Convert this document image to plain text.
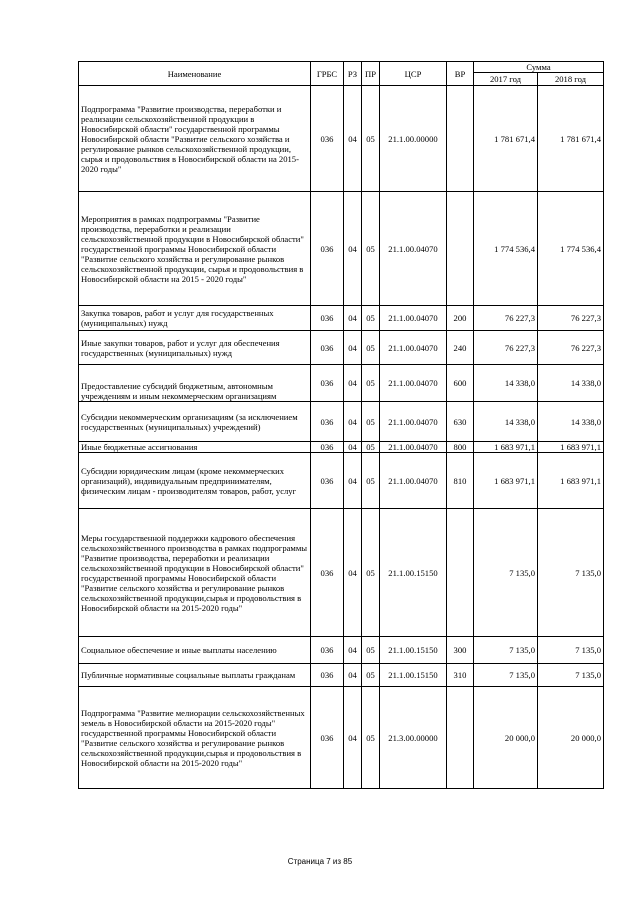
Наименование	ГРБС	РЗ	ПР	ЦСР	ВР	Сумма	
						2017 год	2018 год
Подпрограмма "Развитие производства, переработки и реализации сельскохозяйственной продукции в Новосибирской области" государственной программы Новосибирской области "Развитие сельского хозяйства и регулирование рынков сельскохозяйственной продукции, сырья и продовольствия в Новосибирской области на 2015-2020 годы"	036	04	05	21.1.00.00000		1 781 671,4	1 781 671,4
Мероприятия в рамках подпрограммы "Развитие производства, переработки и реализации сельскохозяйственной продукции в Новосибирской области" государственной программы Новосибирской области "Развитие сельского хозяйства и регулирование рынков сельскохозяйственной продукции, сырья и продовольствия в Новосибирской области на 2015 - 2020 годы"	036	04	05	21.1.00.04070		1 774 536,4	1 774 536,4
Закупка товаров, работ и услуг для государственных (муниципальных) нужд	036	04	05	21.1.00.04070	200	76 227,3	76 227,3
Иные закупки товаров, работ и услуг для обеспечения государственных (муниципальных) нужд	036	04	05	21.1.00.04070	240	76 227,3	76 227,3
Предоставление субсидий бюджетным, автономным учреждениям и иным некоммерческим организациям	036	04	05	21.1.00.04070	600	14 338,0	14 338,0
Субсидии некоммерческим организациям (за исключением государственных (муниципальных) учреждений)	036	04	05	21.1.00.04070	630	14 338,0	14 338,0
Иные бюджетные ассигнования	036	04	05	21.1.00.04070	800	1 683 971,1	1 683 971,1
Субсидии юридическим лицам (кроме некоммерческих организаций), индивидуальным предпринимателям, физическим лицам - производителям товаров, работ, услуг	036	04	05	21.1.00.04070	810	1 683 971,1	1 683 971,1
Меры государственной поддержки кадрового обеспечения сельскохозяйственного производства в рамках подпрограммы "Развитие производства, переработки и реализации сельскохозяйственной продукции в Новосибирской области" государственной программы Новосибирской области "Развитие сельского хозяйства и регулирование рынков сельскохозяйственной продукции,сырья и продовольствия в Новосибирской области на 2015-2020 годы"	036	04	05	21.1.00.15150		7 135,0	7 135,0
Социальное обеспечение и иные выплаты населению	036	04	05	21.1.00.15150	300	7 135,0	7 135,0
Публичные нормативные социальные выплаты гражданам	036	04	05	21.1.00.15150	310	7 135,0	7 135,0
Подпрограмма "Развитие мелиорации сельскохозяйственных земель в Новосибирской области на 2015-2020 годы" государственной программы Новосибирской области "Развитие сельского хозяйства и регулирование рынков сельскохозяйственной продукции,сырья и продовольствия в Новосибирской области на 2015-2020 годы"	036	04	05	21.3.00.00000		20 000,0	20 000,0
Страница 7 из 85
